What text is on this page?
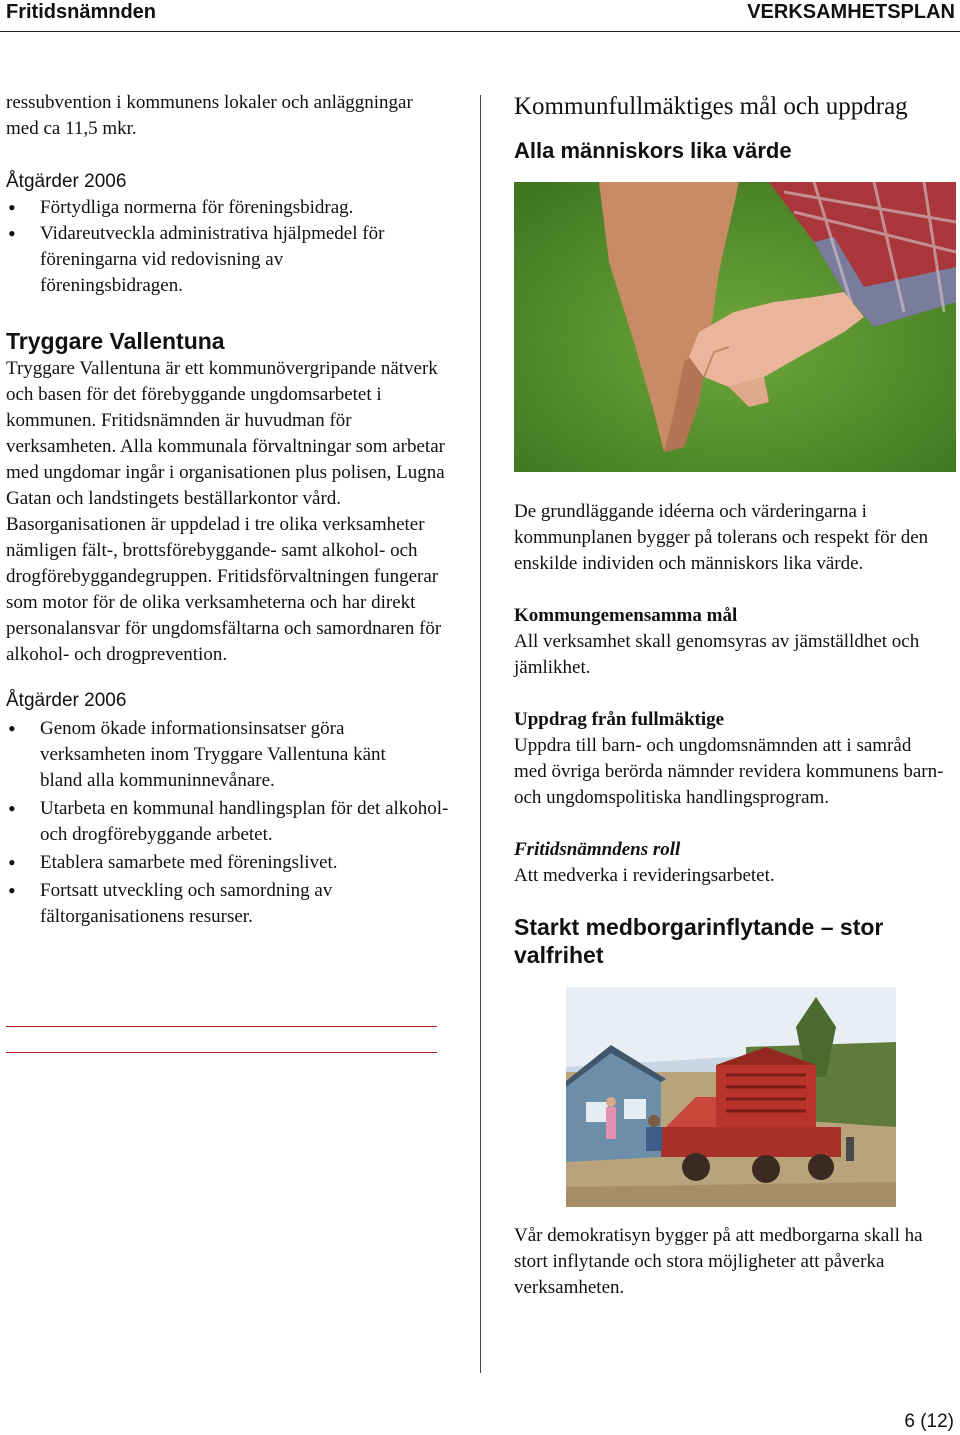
Fritidsnämnden	VERKSAMHETSPLAN

ressubvention i kommunens lokaler och anläggningar med ca 11,5 mkr.

Åtgärder 2006
• Förtydliga normerna för föreningsbidrag.
• Vidareutveckla administrativa hjälpmedel för föreningarna vid redovisning av föreningsbidragen.
Tryggare Vallentuna

Tryggare Vallentuna är ett kommunövergripande nätverk och basen för det förebyggande ungdomsarbetet i kommunen. Fritidsnämnden är huvudman för verksamheten. Alla kommunala förvaltningar som arbetar med ungdomar ingår i organisationen plus polisen, Lugna Gatan och landstingets beställarkontor vård. Basorganisationen är uppdelad i tre olika verksamheter nämligen fält-, brottsförebyggande- samt alkohol- och drogförebyggandegruppen. Fritidsförvaltningen fungerar som motor för de olika verksamheterna och har direkt personalansvar för ungdomsfältarna och samordnaren för alkohol- och drogprevention.

Åtgärder 2006
• Genom ökade informationsinsatser göra verksamheten inom Tryggare Vallentuna känt bland alla kommuninnevånare.
• Utarbeta en kommunal handlingsplan för det alkohol- och drogförebyggande arbetet.
• Etablera samarbete med föreningslivet.
• Fortsatt utveckling och samordning av fältorganisationens resurser.
Kommunfullmäktiges mål och uppdrag
Alla människors lika värde

De grundläggande idéerna och värderingarna i kommunplanen bygger på tolerans och respekt för den enskilde individen och människors lika värde.

Kommungemensamma mål

All verksamhet skall genomsyras av jämställdhet och jämlikhet.

Uppdrag från fullmäktige

Uppdra till barn- och ungdomsnämnden att i samråd med övriga berörda nämnder revidera kommunens barn- och ungdomspolitiska handlingsprogram.

Fritidsnämndens roll

Att medverka i revideringsarbetet.

Starkt medborgarinflytande – stor valfrihet

Vår demokratisyn bygger på att medborgarna skall ha stort inflytande och stora möjligheter att påverka verksamheten.

6 (12)
